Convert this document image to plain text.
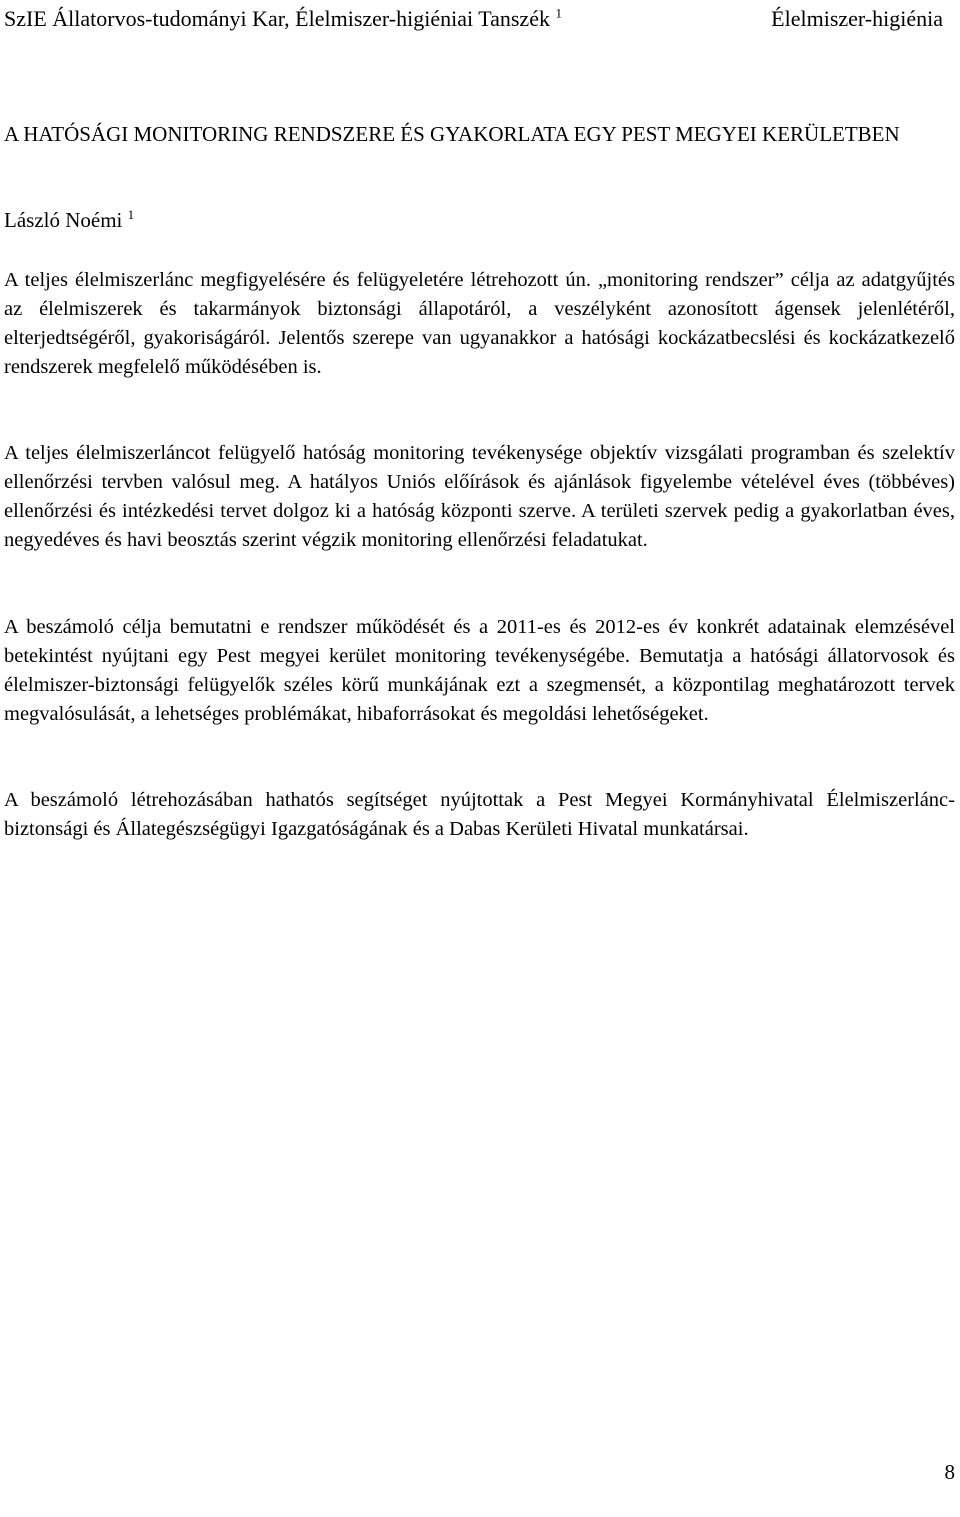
SzIE Állatorvos-tudományi Kar, Élelmiszer-higiéniai Tanszék $^1$	Élelmiszer-higiénia
A HATÓSÁGI MONITORING RENDSZERE ÉS GYAKORLATA EGY PEST MEGYEI KERÜLETBEN
László Noémi $^1$

A teljes élelmiszerlánc megfigyelésére és felügyeletére létrehozott ún. „monitoring rendszer” célja az adatgyűjtés az élelmiszerek és takarmányok biztonsági állapotáról, a veszélyként azonosított ágensek jelenlétéről, elterjedtségéről, gyakoriságáról. Jelentős szerepe van ugyanakkor a hatósági kockázatbecslési és kockázatkezelő rendszerek megfelelő működésében is.

A teljes élelmiszerláncot felügyelő hatóság monitoring tevékenysége objektív vizsgálati programban és szelektív ellenőrzési tervben valósul meg. A hatályos Uniós előírások és ajánlások figyelembe vételével éves (többéves) ellenőrzési és intézkedési tervet dolgoz ki a hatóság központi szerve. A területi szervek pedig a gyakorlatban éves, negyedéves és havi beosztás szerint végzik monitoring ellenőrzési feladatukat.

A beszámoló célja bemutatni e rendszer működését és a 2011-es és 2012-es év konkrét adatainak elemzésével betekintést nyújtani egy Pest megyei kerület monitoring tevékenységébe. Bemutatja a hatósági állatorvosok és élelmiszer-biztonsági felügyelők széles körű munkájának ezt a szegmensét, a központilag meghatározott tervek megvalósulását, a lehetséges problémákat, hibaforrásokat és megoldási lehetőségeket.

A beszámoló létrehozásában hathatós segítséget nyújtottak a Pest Megyei Kormányhivatal Élelmiszerlánc-biztonsági és Állategészségügyi Igazgatóságának és a Dabas Kerületi Hivatal munkatársai.

8
